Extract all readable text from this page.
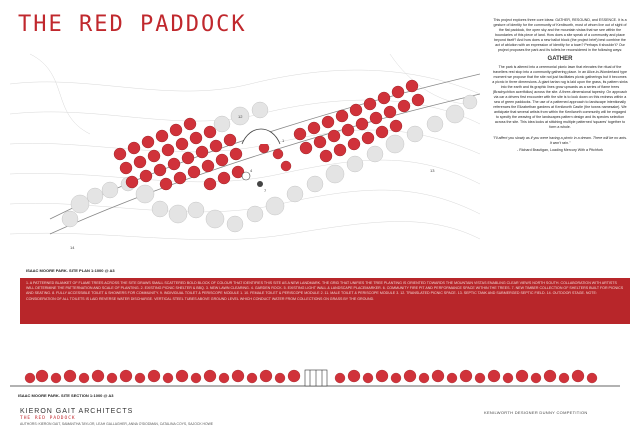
THE RED PADDOCK
12
4
7
1
14
13
ISAAC MOORE PARK. SITE PLAN 1:1000 @ A3

This project explores three core ideas: GATHER, RESOUND, and ESSENCE. It is a gesture of identity for the community of Kenilworth, most of whom live out of sight of the flat paddock, the open sky and the mountain vistas that we see within the boundaries of this piece of land. How does a site speak of a community and place beyond itself? And how does a new ballot block (the project brief) best combine the act of ablution with an expression of identity for a town? Perhaps it shouldn't? Our project proposes the park and its toilets be reconsidered in the following ways:

GATHER

The park is altered into a ceremonial picnic lawn that elevates the ritual of the travellers rest stop into a community gathering place. In an Alice-in-Wonderland type moment we propose that the site not just facilitates picnic gatherings but it becomes a picnic in three dimensions. A giant tartan rug is laid upon the grass, its pattern sinks into the earth and its graphic lines grow upwards as a series of flame trees (Brachychiton acerifolius) across the site. A three-dimensional tapestry. On approach via car a drivers first encounter with the site is to look down on this redness within a sea of green paddocks. The use of a patterned approach to landscape intentionally references the Elizabethan gardens at Kenilworth Castle (the towns namesake). We anticipate that several artists from within the Kenilworth community will be engaged to specify the weaving of the landscapes pattern design and its species selection across the site. This idea looks at stitching multiple patterned 'squares' together to form a whole.

"I'll affect you slowly as if you were having a picnic in a dream. There will be no ants. It won't rain."
- Richard Brautigan, Loading Mercury With a Pitchfork
1. A PATTERNED BLANKET OF FLAME TREES ACROSS THE SITE DRAWS SMALL SCATTERED BOLD BLOCK OF COLOUR THAT IDENTIFIES THIS SITE AS A NEW LANDMARK. THE GRID THAT UNIFIES THE TREE PLANTING IS ORIENTED TOWARDS THE MOUNTAIN VISTAS ENABLING CLEAR VIEWS NORTH SOUTH. COLLABORATION WITH ARTISTS WILL DETERMINE THE PATTERNATION AND SCALE OF PLANTING. 2. EXISTING PICNIC SHELTER & BBQ. 3. NEW LAWN CLEARING. 4. GARDEN ROCK. 5. EXISTING LIGHT WALL & LANDSCAPE PLACEMARKER. 6. COMMUNITY FIRE PIT AND PERFORMANCE SPACE WITHIN THE TREES. 7. NEW TIMBER COLLECTION OF SHELTERS BUILT FOR PICNICS AND SEATING. 8. FULLY ACCESSIBLE TOILET & SHOWERS FOR COMMUNITY. 9. INDIVIDUAL TOILET & PERISCOPE MODULE 1. 10. FEMALE TOILET & PERISCOPE MODULE 2. 11. MALE TOILET & PERISCOPE MODULE 3. 12. TRANSLATED PICNIC SPACE. 13. SEPTIC TANK AND SUBMERGED SEPTIC FIELD. 14. OUTDOOR STAGE. NOTE: CONSIDERATION OF ALL TOILETS IS LAID REVERSE WATER DISCHARGE. VERTICAL STEEL TUBES ABOVE GROUND LEVEL WHICH CONDUCT WATER FROM COLLECTIONS ON GRASS BY THE GROUND.
ISAAC MOORE PARK. SITE SECTION 1:1000 @ A3
KIERON GAIT ARCHITECTS
THE RED PADDOCK
AUTHORS: KIERON GAIT, SAMANTHA TAYLOR, LEAH GALLAGHER, ANNA O'SIODMAN, CATALINA COYS, SAJOCK HOWE
KENILWORTH DESIGNER DUNNY COMPETITION
